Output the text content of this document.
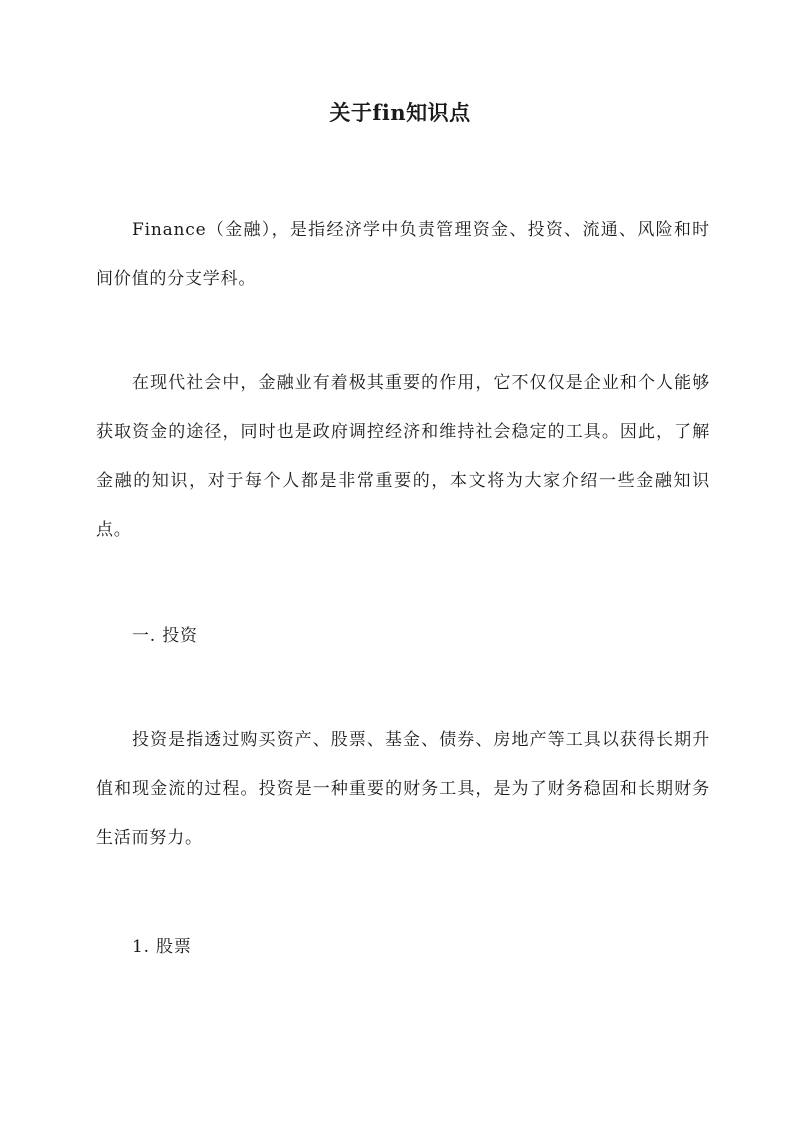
关于fin知识点

Finance（金融），是指经济学中负责管理资金、投资、流通、风险和时间价值的分支学科。

在现代社会中，金融业有着极其重要的作用，它不仅仅是企业和个人能够获取资金的途径，同时也是政府调控经济和维持社会稳定的工具。因此，了解金融的知识，对于每个人都是非常重要的，本文将为大家介绍一些金融知识点。

一. 投资

投资是指透过购买资产、股票、基金、债券、房地产等工具以获得长期升值和现金流的过程。投资是一种重要的财务工具，是为了财务稳固和长期财务生活而努力。

1. 股票
